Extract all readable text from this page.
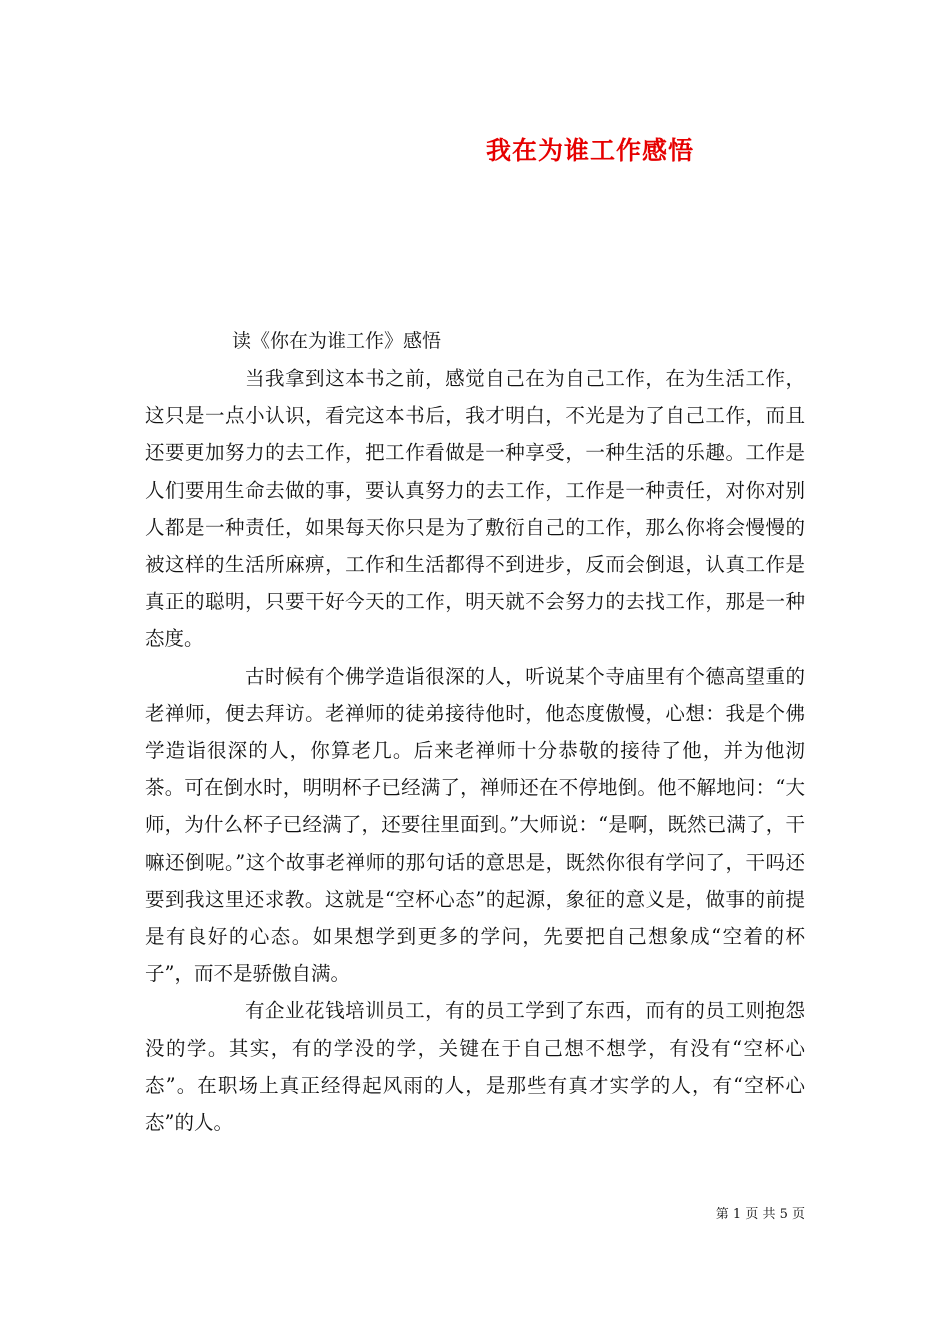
我在为谁工作感悟
读《你在为谁工作》感悟

当我拿到这本书之前，感觉自己在为自己工作，在为生活工作，这只是一点小认识，看完这本书后，我才明白，不光是为了自己工作，而且还要更加努力的去工作，把工作看做是一种享受，一种生活的乐趣。工作是人们要用生命去做的事，要认真努力的去工作，工作是一种责任，对你对别人都是一种责任，如果每天你只是为了敷衍自己的工作，那么你将会慢慢的被这样的生活所麻痹，工作和生活都得不到进步，反而会倒退，认真工作是真正的聪明，只要干好今天的工作，明天就不会努力的去找工作，那是一种态度。

古时候有个佛学造诣很深的人，听说某个寺庙里有个德高望重的老禅师，便去拜访。老禅师的徒弟接待他时，他态度傲慢，心想：我是个佛学造诣很深的人，你算老几。后来老禅师十分恭敬的接待了他，并为他沏茶。可在倒水时，明明杯子已经满了，禅师还在不停地倒。他不解地问：“大师，为什么杯子已经满了，还要往里面到。”大师说：“是啊，既然已满了，干嘛还倒呢。”这个故事老禅师的那句话的意思是，既然你很有学问了，干吗还要到我这里还求教。这就是“空杯心态”的起源，象征的意义是，做事的前提是有良好的心态。如果想学到更多的学问，先要把自己想象成“空着的杯子”，而不是骄傲自满。

有企业花钱培训员工，有的员工学到了东西，而有的员工则抱怨没的学。其实，有的学没的学，关键在于自己想不想学，有没有“空杯心态”。在职场上真正经得起风雨的人，是那些有真才实学的人，有“空杯心态”的人。

第 1 页 共 5 页
